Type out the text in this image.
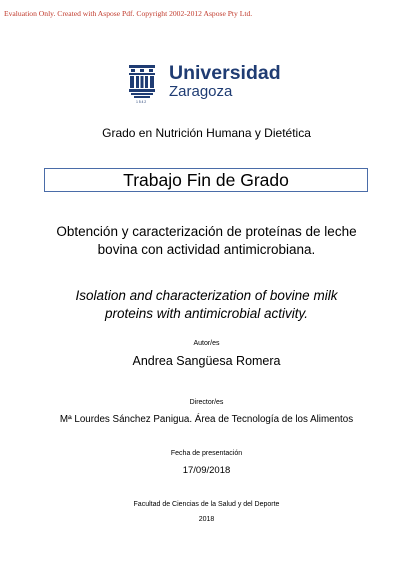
Evaluation Only. Created with Aspose Pdf. Copyright 2002-2012 Aspose Pty Ltd.
1542
Universidad
Zaragoza
Grado en Nutrición Humana y Dietética
Trabajo Fin de Grado
Obtención y caracterización de proteínas de leche
bovina con actividad antimicrobiana.
Isolation and characterization of bovine milk
proteins with antimicrobial activity.
Autor/es
Andrea Sangüesa Romera
Director/es
Mª Lourdes Sánchez Panigua. Área de Tecnología de los Alimentos
Fecha de presentación
17/09/2018
Facultad de Ciencias de la Salud y del Deporte
2018
